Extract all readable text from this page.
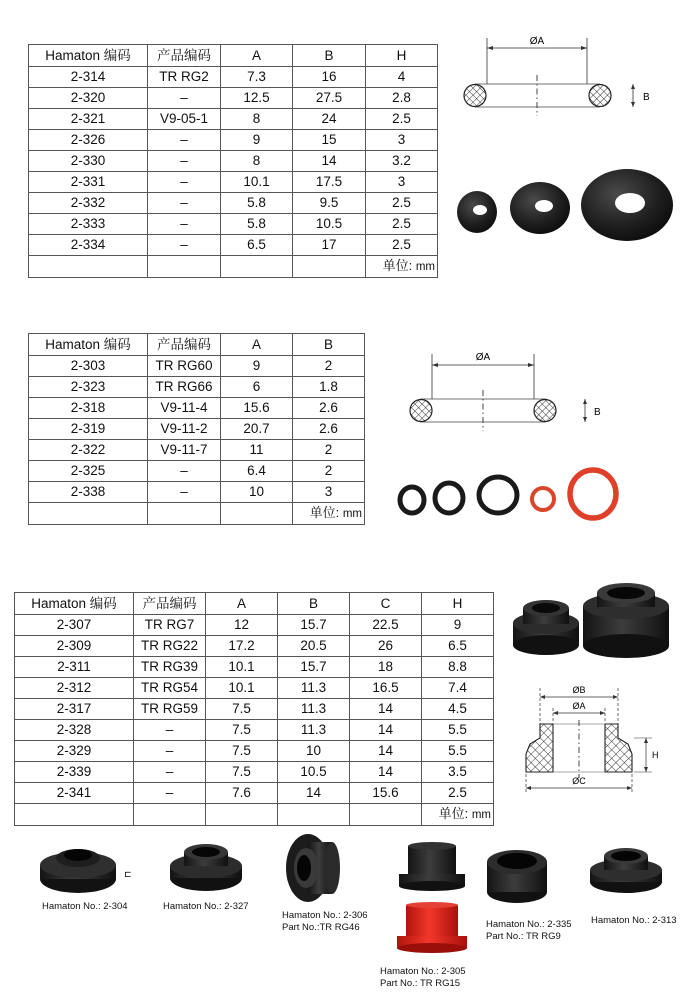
Hamaton 编码	产品编码	A	B	H
2-314	TR RG2	7.3	16	4
2-320	–	12.5	27.5	2.8
2-321	V9-05-1	8	24	2.5
2-326	–	9	15	3
2-330	–	8	14	3.2
2-331	–	10.1	17.5	3
2-332	–	5.8	9.5	2.5
2-333	–	5.8	10.5	2.5
2-334	–	6.5	17	2.5
				单位: mm
Hamaton 编码	产品编码	A	B
2-303	TR RG60	9	2
2-323	TR RG66	6	1.8
2-318	V9-11-4	15.6	2.6
2-319	V9-11-2	20.7	2.6
2-322	V9-11-7	11	2
2-325	–	6.4	2
2-338	–	10	3
			单位: mm
Hamaton 编码	产品编码	A	B	C	H
2-307	TR RG7	12	15.7	22.5	9
2-309	TR RG22	17.2	20.5	26	6.5
2-311	TR RG39	10.1	15.7	18	8.8
2-312	TR RG54	10.1	11.3	16.5	7.4
2-317	TR RG59	7.5	11.3	14	4.5
2-328	–	7.5	11.3	14	5.5
2-329	–	7.5	10	14	5.5
2-339	–	7.5	10.5	14	3.5
2-341	–	7.6	14	15.6	2.5
					单位: mm
ØA
B
ØA
B
ØB
ØA
H
ØC
⊏
Hamaton No.: 2-304	Hamaton No.: 2-327
Hamaton No.: 2-306
Part No.:TR RG46
Hamaton No.: 2-305
Part No.: TR RG15
Hamaton No.: 2-335
Part No.: TR RG9
Hamaton No.: 2-313
